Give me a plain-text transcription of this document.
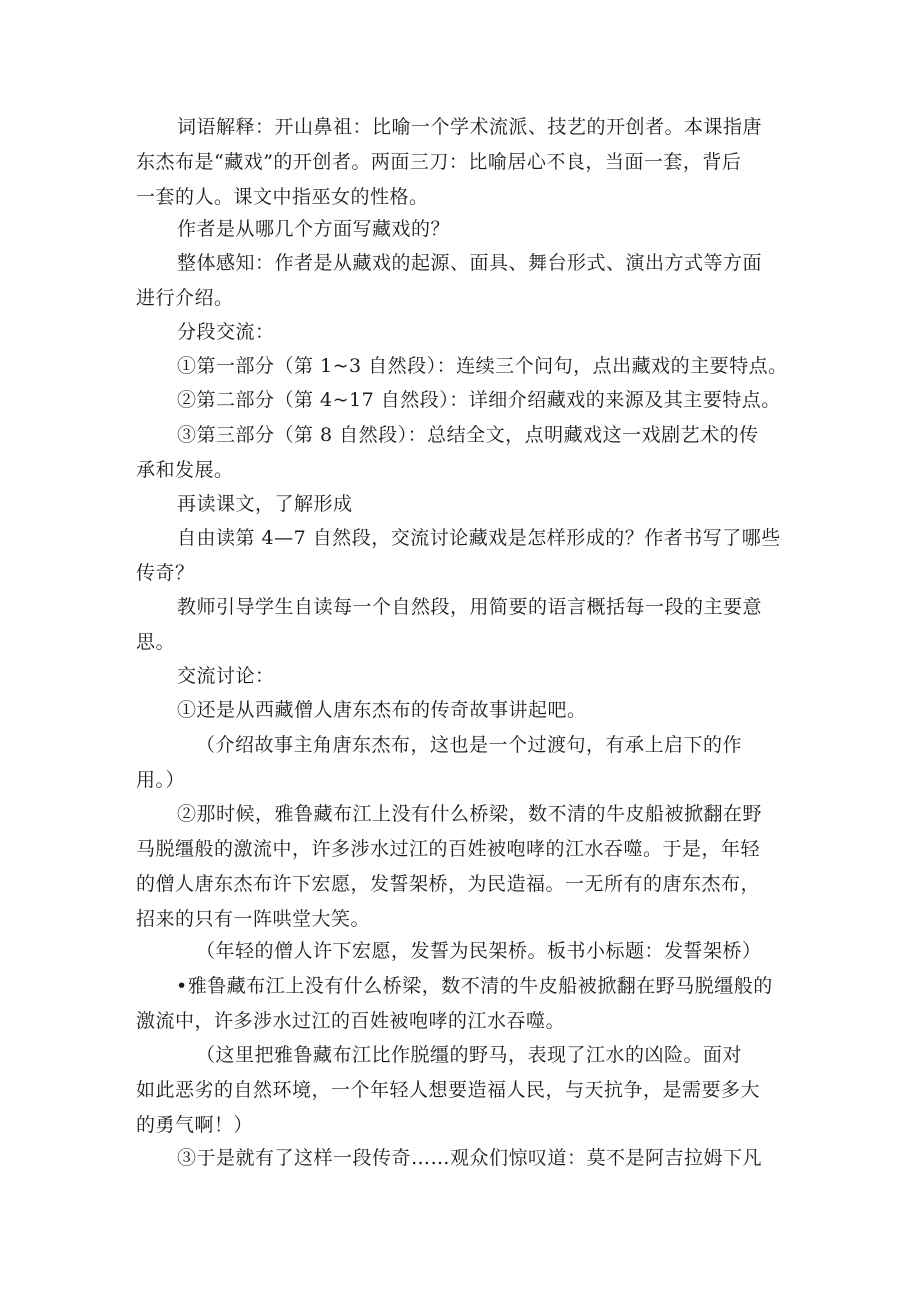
词语解释：开山鼻祖：比喻一个学术流派、技艺的开创者。本课指唐
东杰布是“藏戏”的开创者。两面三刀：比喻居心不良，当面一套，背后
一套的人。课文中指巫女的性格。
作者是从哪几个方面写藏戏的？
整体感知：作者是从藏戏的起源、面具、舞台形式、演出方式等方面
进行介绍。
分段交流：
①第一部分（第 1~3 自然段）：连续三个问句，点出藏戏的主要特点。
②第二部分（第 4~17 自然段）：详细介绍藏戏的来源及其主要特点。
③第三部分（第 8 自然段）：总结全文，点明藏戏这一戏剧艺术的传
承和发展。
再读课文，了解形成
自由读第 4—7 自然段，交流讨论藏戏是怎样形成的？作者书写了哪些
传奇？
教师引导学生自读每一个自然段，用简要的语言概括每一段的主要意
思。
交流讨论：
①还是从西藏僧人唐东杰布的传奇故事讲起吧。
（介绍故事主角唐东杰布，这也是一个过渡句，有承上启下的作
用。）
②那时候，雅鲁藏布江上没有什么桥梁，数不清的牛皮船被掀翻在野
马脱缰般的激流中，许多涉水过江的百姓被咆哮的江水吞噬。于是，年轻
的僧人唐东杰布许下宏愿，发誓架桥，为民造福。一无所有的唐东杰布，
招来的只有一阵哄堂大笑。
（年轻的僧人许下宏愿，发誓为民架桥。板书小标题：发誓架桥）
•雅鲁藏布江上没有什么桥梁，数不清的牛皮船被掀翻在野马脱缰般的
激流中，许多涉水过江的百姓被咆哮的江水吞噬。
（这里把雅鲁藏布江比作脱缰的野马，表现了江水的凶险。面对
如此恶劣的自然环境，一个年轻人想要造福人民，与天抗争，是需要多大
的勇气啊！）
③于是就有了这样一段传奇……观众们惊叹道：莫不是阿吉拉姆下凡
